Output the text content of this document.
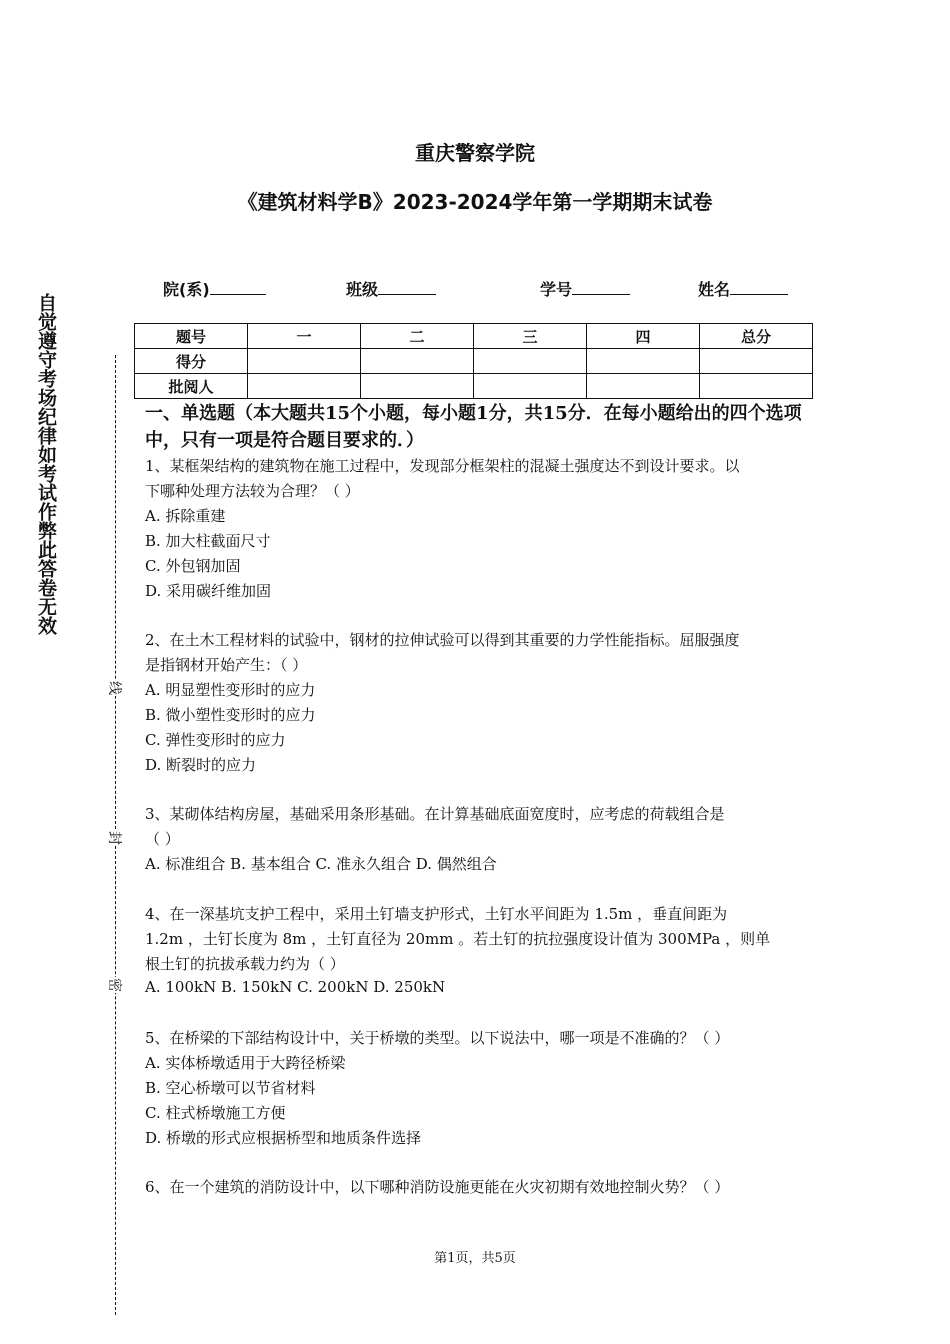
重庆警察学院
《建筑材料学B》2023-2024学年第一学期期末试卷
院(系)	班级	学号	姓名
题号	一	二	三	四	总分
得分					
批阅人					
一、单选题（本大题共15个小题，每小题1分，共15分．在每小题给出的四个选项中，只有一项是符合题目要求的．）
1、某框架结构的建筑物在施工过程中，发现部分框架柱的混凝土强度达不到设计要求。以
下哪种处理方法较为合理？（ ）
A. 拆除重建
B. 加大柱截面尺寸
C. 外包钢加固
D. 采用碳纤维加固
2、在土木工程材料的试验中，钢材的拉伸试验可以得到其重要的力学性能指标。屈服强度
是指钢材开始产生：（ ）
A. 明显塑性变形时的应力
B. 微小塑性变形时的应力
C. 弹性变形时的应力
D. 断裂时的应力
3、某砌体结构房屋，基础采用条形基础。在计算基础底面宽度时，应考虑的荷载组合是
（ ）
A. 标准组合 B. 基本组合 C. 准永久组合 D. 偶然组合
4、在一深基坑支护工程中，采用土钉墙支护形式，土钉水平间距为 1.5m ，垂直间距为
1.2m ，土钉长度为 8m ，土钉直径为 20mm 。若土钉的抗拉强度设计值为 300MPa ，则单
根土钉的抗拔承载力约为（ ）
A. 100kN B. 150kN C. 200kN D. 250kN
5、在桥梁的下部结构设计中，关于桥墩的类型。以下说法中，哪一项是不准确的？（ ）
A. 实体桥墩适用于大跨径桥梁
B. 空心桥墩可以节省材料
C. 柱式桥墩施工方便
D. 桥墩的形式应根据桥型和地质条件选择
6、在一个建筑的消防设计中，以下哪种消防设施更能在火灾初期有效地控制火势？（ ）
自觉遵守考场纪律如考试作弊此答卷无效
线
封
密
第1页，共5页
